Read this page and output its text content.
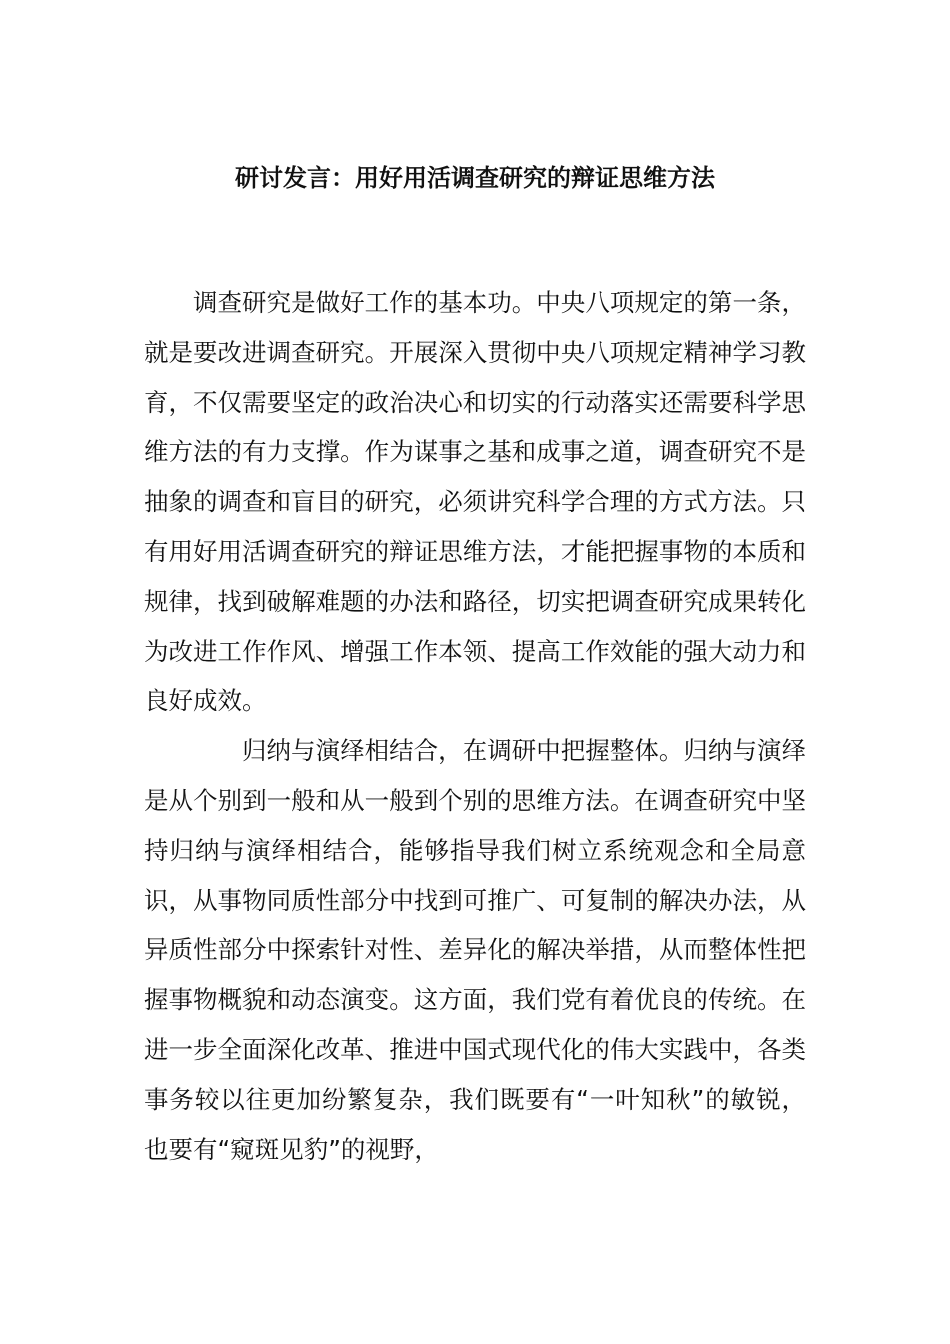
研讨发言：用好用活调查研究的辩证思维方法

调查研究是做好工作的基本功。中央八项规定的第一条，就是要改进调查研究。开展深入贯彻中央八项规定精神学习教育，不仅需要坚定的政治决心和切实的行动落实还需要科学思维方法的有力支撑。作为谋事之基和成事之道，调查研究不是抽象的调查和盲目的研究，必须讲究科学合理的方式方法。只有用好用活调查研究的辩证思维方法，才能把握事物的本质和规律，找到破解难题的办法和路径，切实把调查研究成果转化为改进工作作风、增强工作本领、提高工作效能的强大动力和良好成效。

归纳与演绎相结合，在调研中把握整体。归纳与演绎是从个别到一般和从一般到个别的思维方法。在调查研究中坚持归纳与演绎相结合，能够指导我们树立系统观念和全局意识，从事物同质性部分中找到可推广、可复制的解决办法，从异质性部分中探索针对性、差异化的解决举措，从而整体性把握事物概貌和动态演变。这方面，我们党有着优良的传统。在进一步全面深化改革、推进中国式现代化的伟大实践中，各类事务较以往更加纷繁复杂，我们既要有“一叶知秋”的敏锐，也要有“窥斑见豹”的视野，
